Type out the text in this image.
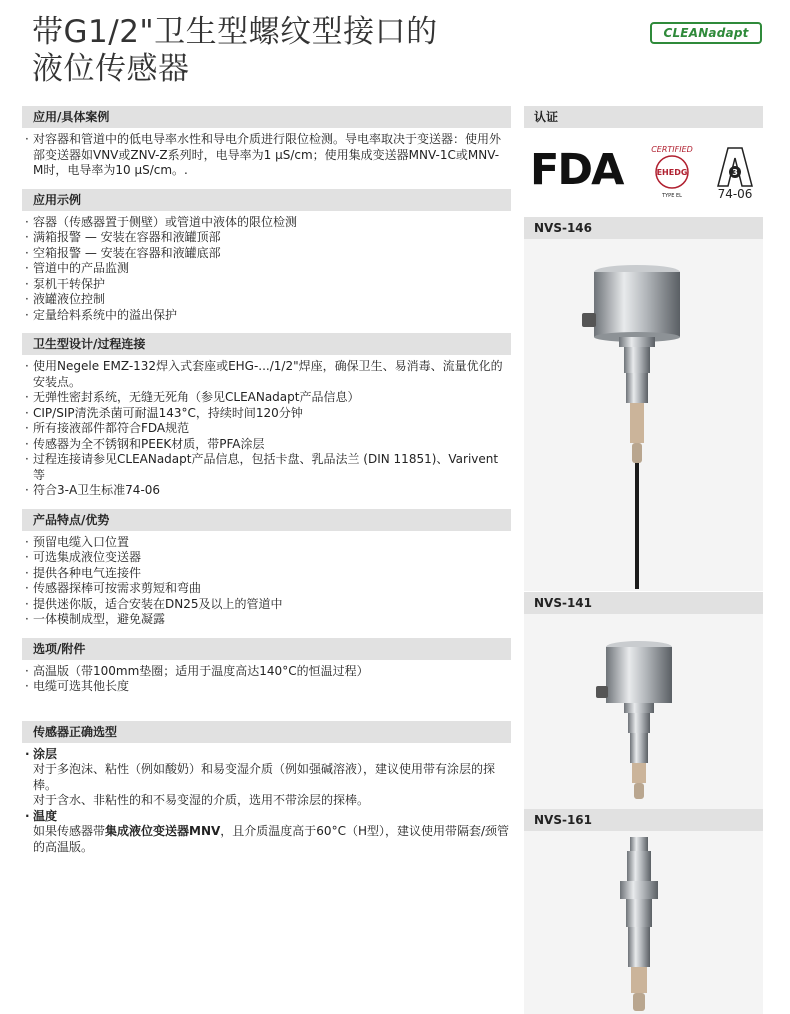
带G1/2"卫生型螺纹型接口的
液位传感器
CLEANadapt
应用/具体案例
· 对容器和管道中的低电导率水性和导电介质进行限位检测。导电率取决于变送器：使用外部变送器如VNV或ZNV-Z系列时，电导率为1 μS/cm；使用集成变送器MNV-1C或MNV-M时，电导率为10 μS/cm。.
应用示例
· 容器（传感器置于侧壁）或管道中液体的限位检测
· 满箱报警 — 安装在容器和液罐顶部
· 空箱报警 — 安装在容器和液罐底部
· 管道中的产品监测
· 泵机干转保护
· 液罐液位控制
· 定量给料系统中的溢出保护
卫生型设计/过程连接
· 使用Negele EMZ-132焊入式套座或EHG-.../1/2"焊座，确保卫生、易消毒、流量优化的安装点。
· 无弹性密封系统，无缝无死角（参见CLEANadapt产品信息）
· CIP/SIP清洗杀菌可耐温143°C，持续时间120分钟
· 所有接液部件都符合FDA规范
· 传感器为全不锈钢和PEEK材质，带PFA涂层
· 过程连接请参见CLEANadapt产品信息，包括卡盘、乳品法兰 (DIN 11851)、Varivent等
· 符合3-A卫生标准74-06
产品特点/优势
· 预留电缆入口位置
· 可选集成液位变送器
· 提供各种电气连接件
· 传感器探棒可按需求剪短和弯曲
· 提供迷你版，适合安装在DN25及以上的管道中
· 一体模制成型，避免凝露
选项/附件
· 高温版（带100mm垫圈；适用于温度高达140°C的恒温过程）
· 电缆可选其他长度
传感器正确选型
· 涂层
对于多泡沫、粘性（例如酸奶）和易变湿介质（例如强碱溶液），建议使用带有涂层的探棒。
对于含水、非粘性的和不易变湿的介质，选用不带涂层的探棒。
· 温度
如果传感器带集成液位变送器MNV，且介质温度高于60°C（H型），建议使用带隔套/颈管的高温版。
认证
FDA	CERTIFIED
EHEDG
TYPE EL
3
74-06
NVS-146
NVS-141
NVS-161
